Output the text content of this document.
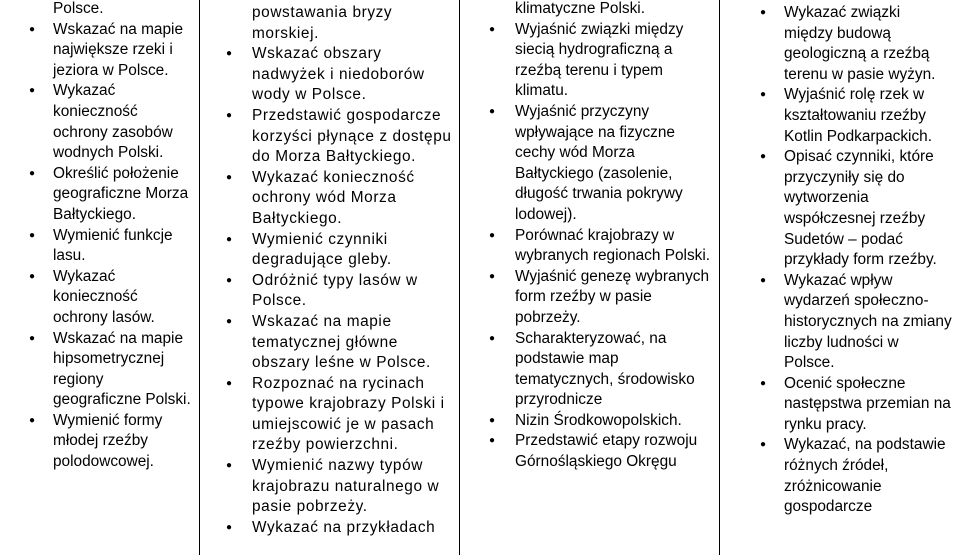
Polsce.
● Wskazać na mapie największe rzeki i jeziora w Polsce.
● Wykazać konieczność ochrony zasobów wodnych Polski.
● Określić położenie geograficzne Morza Bałtyckiego.
● Wymienić funkcje lasu.
● Wykazać konieczność ochrony lasów.
● Wskazać na mapie hipsometrycznej regiony geograficzne Polski.
● Wymienić formy młodej rzeźby polodowcowej.
powstawania bryzy morskiej.
● Wskazać obszary nadwyżek i niedoborów wody w Polsce.
● Przedstawić gospodarcze korzyści płynące z dostępu do Morza Bałtyckiego.
● Wykazać konieczność ochrony wód Morza Bałtyckiego.
● Wymienić czynniki degradujące gleby.
● Odróżnić typy lasów w Polsce.
● Wskazać na mapie tematycznej główne obszary leśne w Polsce.
● Rozpoznać na rycinach typowe krajobrazy Polski i umiejscowić je w pasach rzeźby powierzchni.
● Wymienić nazwy typów krajobrazu naturalnego w pasie pobrzeży.
● Wykazać na przykładach
klimatyczne Polski.
● Wyjaśnić związki między siecią hydrograficzną a rzeźbą terenu i typem klimatu.
● Wyjaśnić przyczyny wpływające na fizyczne cechy wód Morza Bałtyckiego (zasolenie, długość trwania pokrywy lodowej).
● Porównać krajobrazy w wybranych regionach Polski.
● Wyjaśnić genezę wybranych form rzeźby w pasie pobrzeży.
● Scharakteryzować, na podstawie map tematycznych, środowisko przyrodnicze
● Nizin Środkowopolskich.
● Przedstawić etapy rozwoju Górnośląskiego Okręgu
● Wykazać związki między budową geologiczną a rzeźbą terenu w pasie wyżyn.
● Wyjaśnić rolę rzek w kształtowaniu rzeźby Kotlin Podkarpackich.
● Opisać czynniki, które przyczyniły się do wytworzenia współczesnej rzeźby Sudetów – podać przykłady form rzeźby.
● Wykazać wpływ wydarzeń społeczno-historycznych na zmiany liczby ludności w Polsce.
● Ocenić społeczne następstwa przemian na rynku pracy.
● Wykazać, na podstawie różnych źródeł, zróżnicowanie gospodarcze
